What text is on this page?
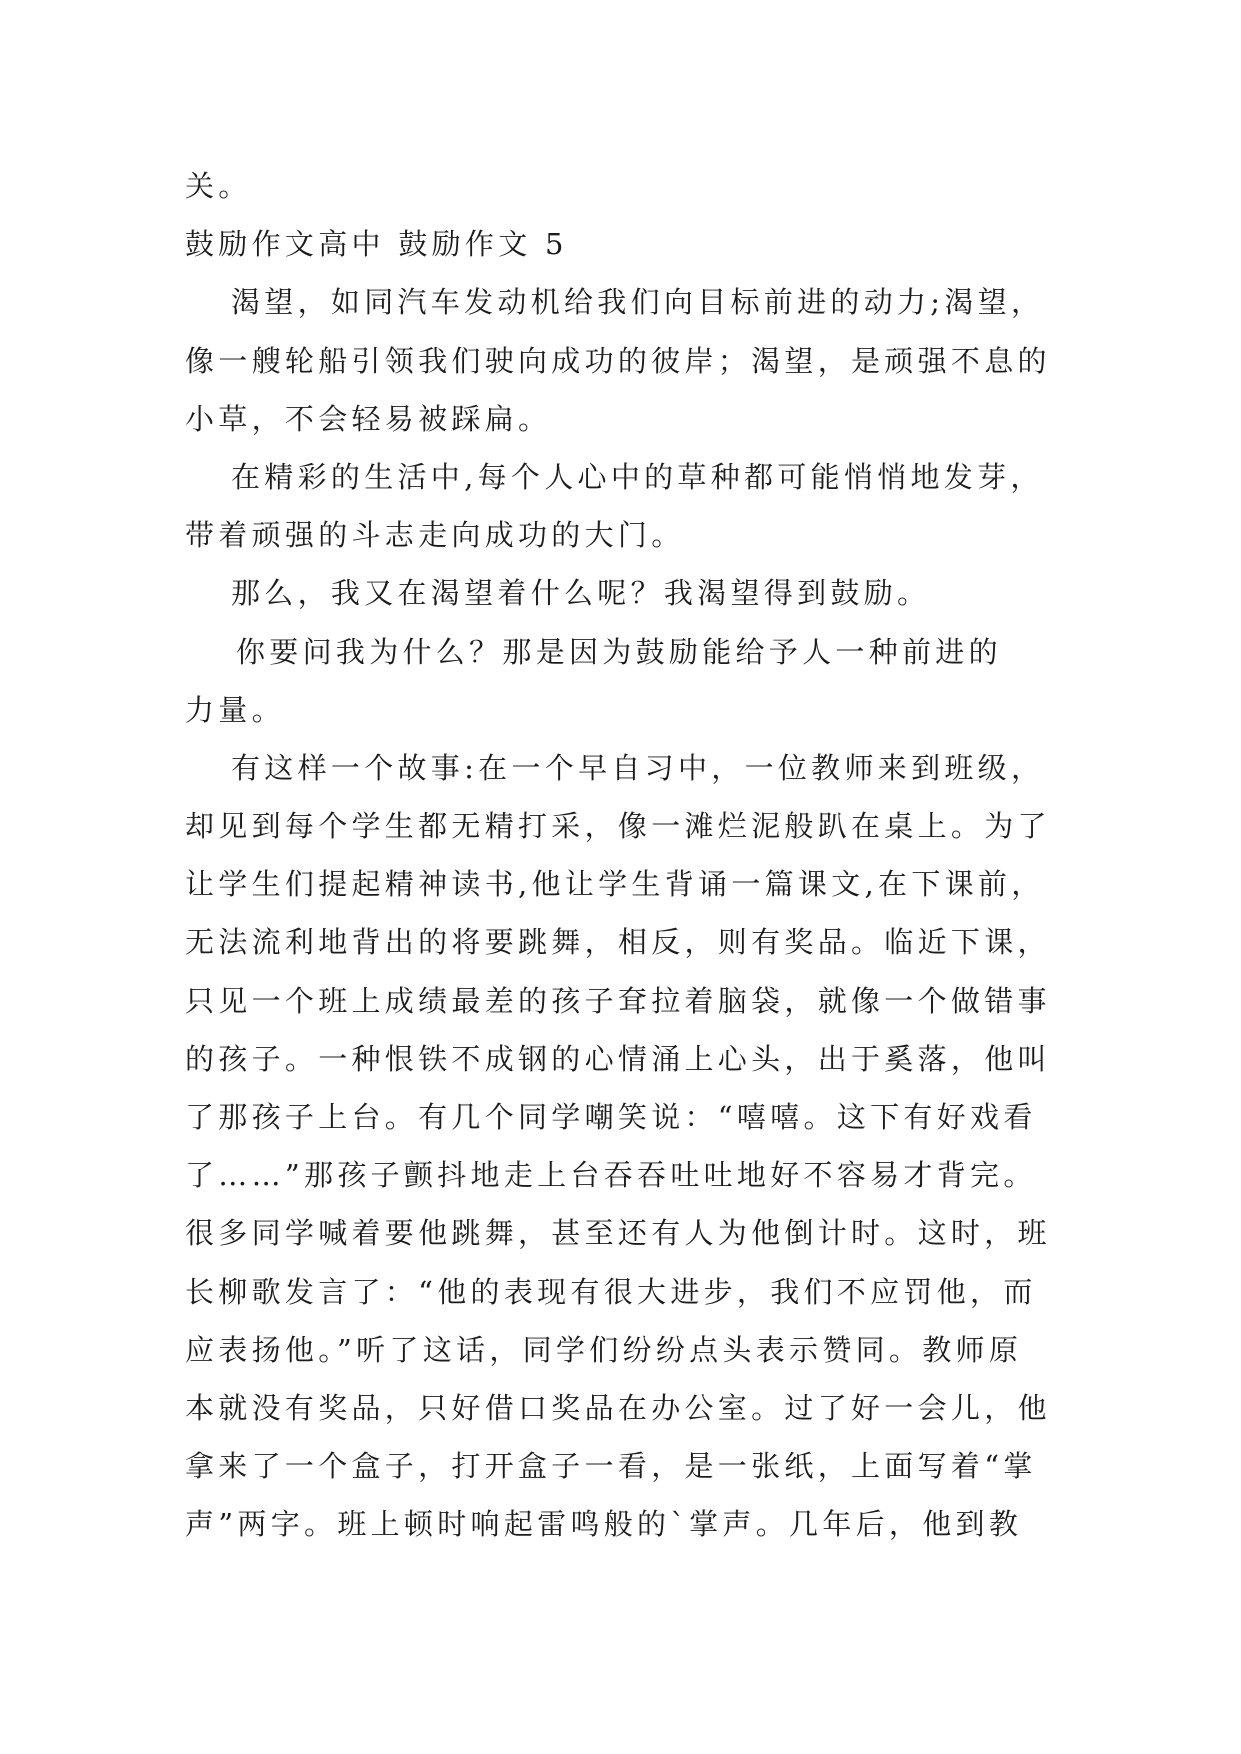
关。
鼓励作文高中 鼓励作文 5
渴望，如同汽车发动机给我们向目标前进的动力;渴望，
像一艘轮船引领我们驶向成功的彼岸；渴望，是顽强不息的
小草，不会轻易被踩扁。
在精彩的生活中,每个人心中的草种都可能悄悄地发芽，
带着顽强的斗志走向成功的大门。
那么，我又在渴望着什么呢？我渴望得到鼓励。
你要问我为什么？那是因为鼓励能给予人一种前进的
力量。
有这样一个故事:在一个早自习中，一位教师来到班级，
却见到每个学生都无精打采，像一滩烂泥般趴在桌上。为了
让学生们提起精神读书,他让学生背诵一篇课文,在下课前，
无法流利地背出的将要跳舞，相反，则有奖品。临近下课，
只见一个班上成绩最差的孩子耷拉着脑袋，就像一个做错事
的孩子。一种恨铁不成钢的心情涌上心头，出于奚落，他叫
了那孩子上台。有几个同学嘲笑说：“嘻嘻。这下有好戏看
了……”那孩子颤抖地走上台吞吞吐吐地好不容易才背完。
很多同学喊着要他跳舞，甚至还有人为他倒计时。这时，班
长柳歌发言了：“他的表现有很大进步，我们不应罚他，而
应表扬他。”听了这话，同学们纷纷点头表示赞同。教师原
本就没有奖品，只好借口奖品在办公室。过了好一会儿，他
拿来了一个盒子，打开盒子一看，是一张纸，上面写着“掌
声”两字。班上顿时响起雷鸣般的`掌声。几年后，他到教
